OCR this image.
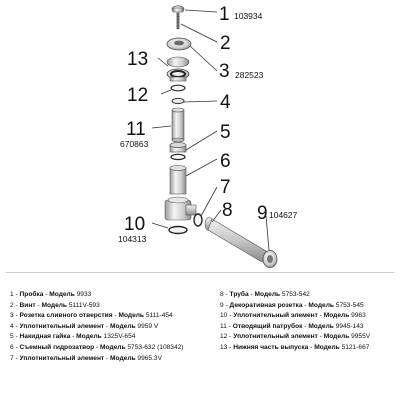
1 103934
2
3 282523
4
5
6
7
8 9 104627
10
104313
11
670863
12
13
1 - Пробка - Модель 9933
2 - Винт - Модель 5111V-593
3 - Розетка сливного отверстия - Модель 5111-454
4 - Уплотнительный элемент - Модель 9959 V
5 - Накидная гайка - Модель 1325V-654
6 - Съемный гидрозатвор - Модель 5753-632 (108342)
7 - Уплотнительный элемент - Модель 9965.3V
8 - Труба - Модель 5753-542
9 - Декоративная розетка - Модель 5753-545
10 - Уплотнительный элемент - Модель 9963
11 - Отводящий патрубок - Модель 9945-143
12 - Уплотнительный элемент - Модель 9955V
13 - Нижняя часть выпуска - Модель 5121-667
